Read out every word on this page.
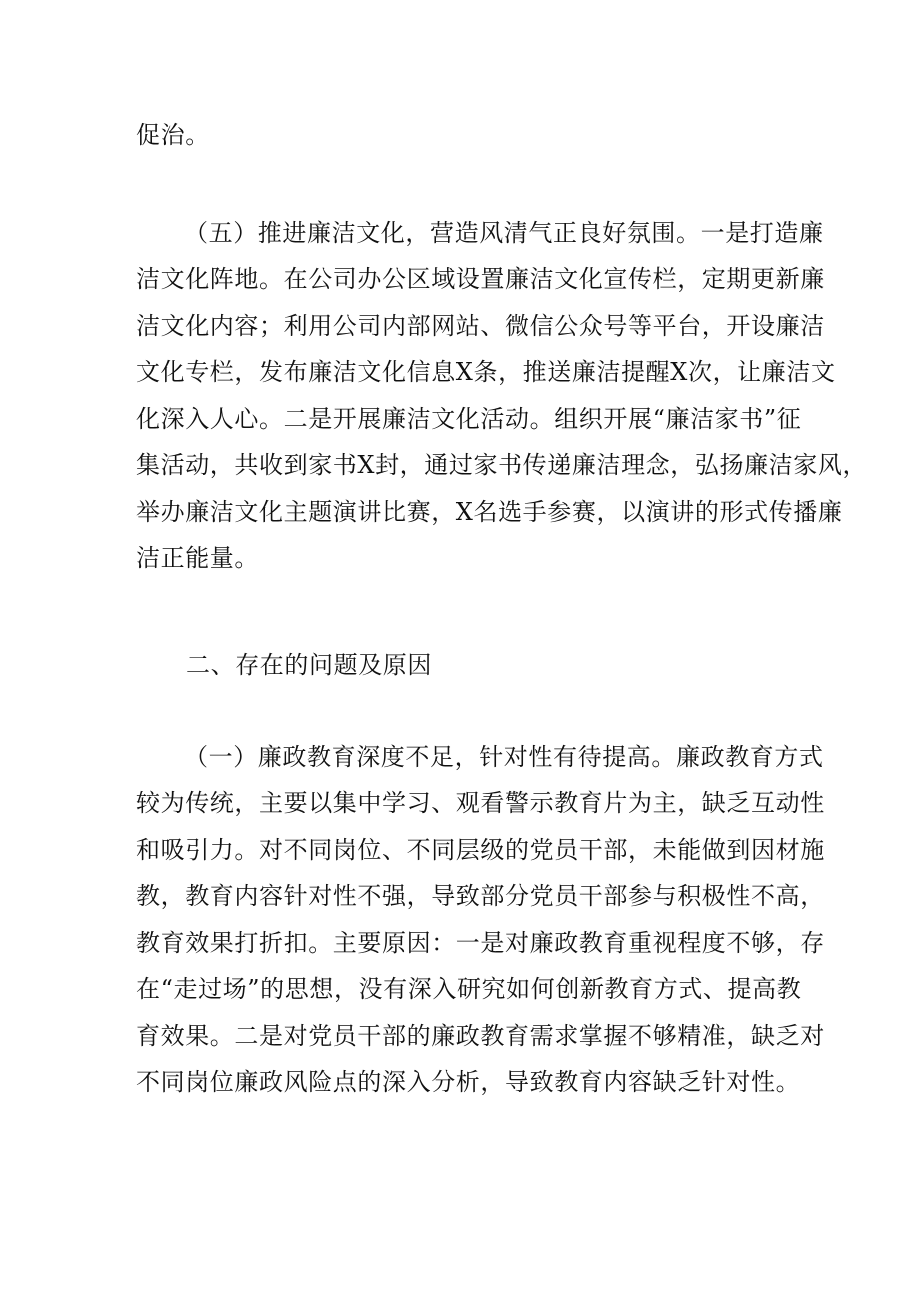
促治。
（五）推进廉洁文化，营造风清气正良好氛围。一是打造廉
洁文化阵地。在公司办公区域设置廉洁文化宣传栏，定期更新廉
洁文化内容；利用公司内部网站、微信公众号等平台，开设廉洁
文化专栏，发布廉洁文化信息X条，推送廉洁提醒X次，让廉洁文
化深入人心。二是开展廉洁文化活动。组织开展“廉洁家书”征
集活动，共收到家书X封，通过家书传递廉洁理念，弘扬廉洁家风，
举办廉洁文化主题演讲比赛，X名选手参赛，以演讲的形式传播廉
洁正能量。
二、存在的问题及原因
（一）廉政教育深度不足，针对性有待提高。廉政教育方式
较为传统，主要以集中学习、观看警示教育片为主，缺乏互动性
和吸引力。对不同岗位、不同层级的党员干部，未能做到因材施
教，教育内容针对性不强，导致部分党员干部参与积极性不高，
教育效果打折扣。主要原因：一是对廉政教育重视程度不够，存
在“走过场”的思想，没有深入研究如何创新教育方式、提高教
育效果。二是对党员干部的廉政教育需求掌握不够精准，缺乏对
不同岗位廉政风险点的深入分析，导致教育内容缺乏针对性。
